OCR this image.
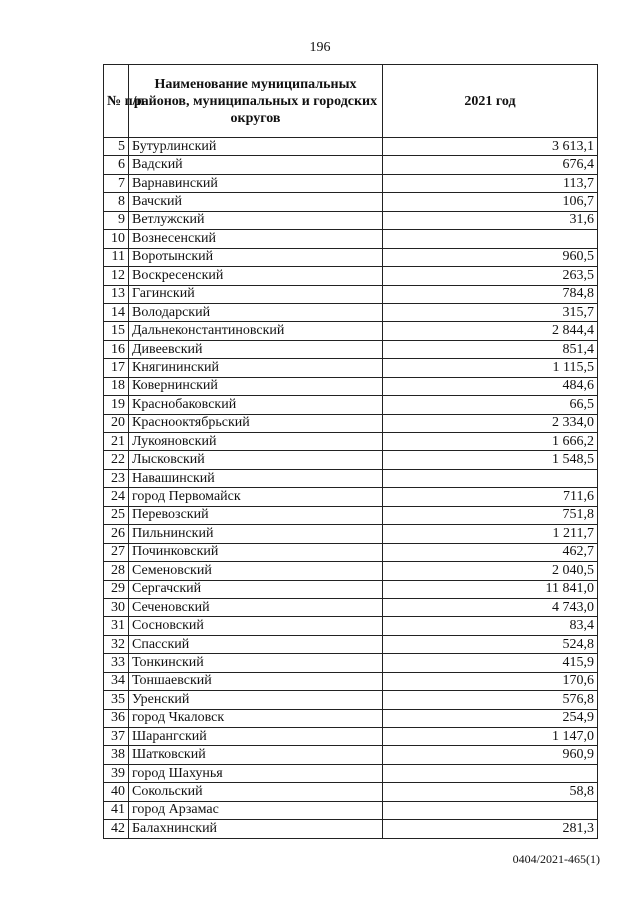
196
№ п/п	Наименование муниципальных районов, муниципальных и городских округов	2021 год
5	Бутурлинский	3 613,1
6	Вадский	676,4
7	Варнавинский	113,7
8	Вачский	106,7
9	Ветлужский	31,6
10	Вознесенский	
11	Воротынский	960,5
12	Воскресенский	263,5
13	Гагинский	784,8
14	Володарский	315,7
15	Дальнеконстантиновский	2 844,4
16	Дивеевский	851,4
17	Княгининский	1 115,5
18	Ковернинский	484,6
19	Краснобаковский	66,5
20	Краснооктябрьский	2 334,0
21	Лукояновский	1 666,2
22	Лысковский	1 548,5
23	Навашинский	
24	город Первомайск	711,6
25	Перевозский	751,8
26	Пильнинский	1 211,7
27	Починковский	462,7
28	Семеновский	2 040,5
29	Сергачский	11 841,0
30	Сеченовский	4 743,0
31	Сосновский	83,4
32	Спасский	524,8
33	Тонкинский	415,9
34	Тоншаевский	170,6
35	Уренский	576,8
36	город Чкаловск	254,9
37	Шарангский	1 147,0
38	Шатковский	960,9
39	город Шахунья	
40	Сокольский	58,8
41	город Арзамас	
42	Балахнинский	281,3
0404/2021-465(1)
